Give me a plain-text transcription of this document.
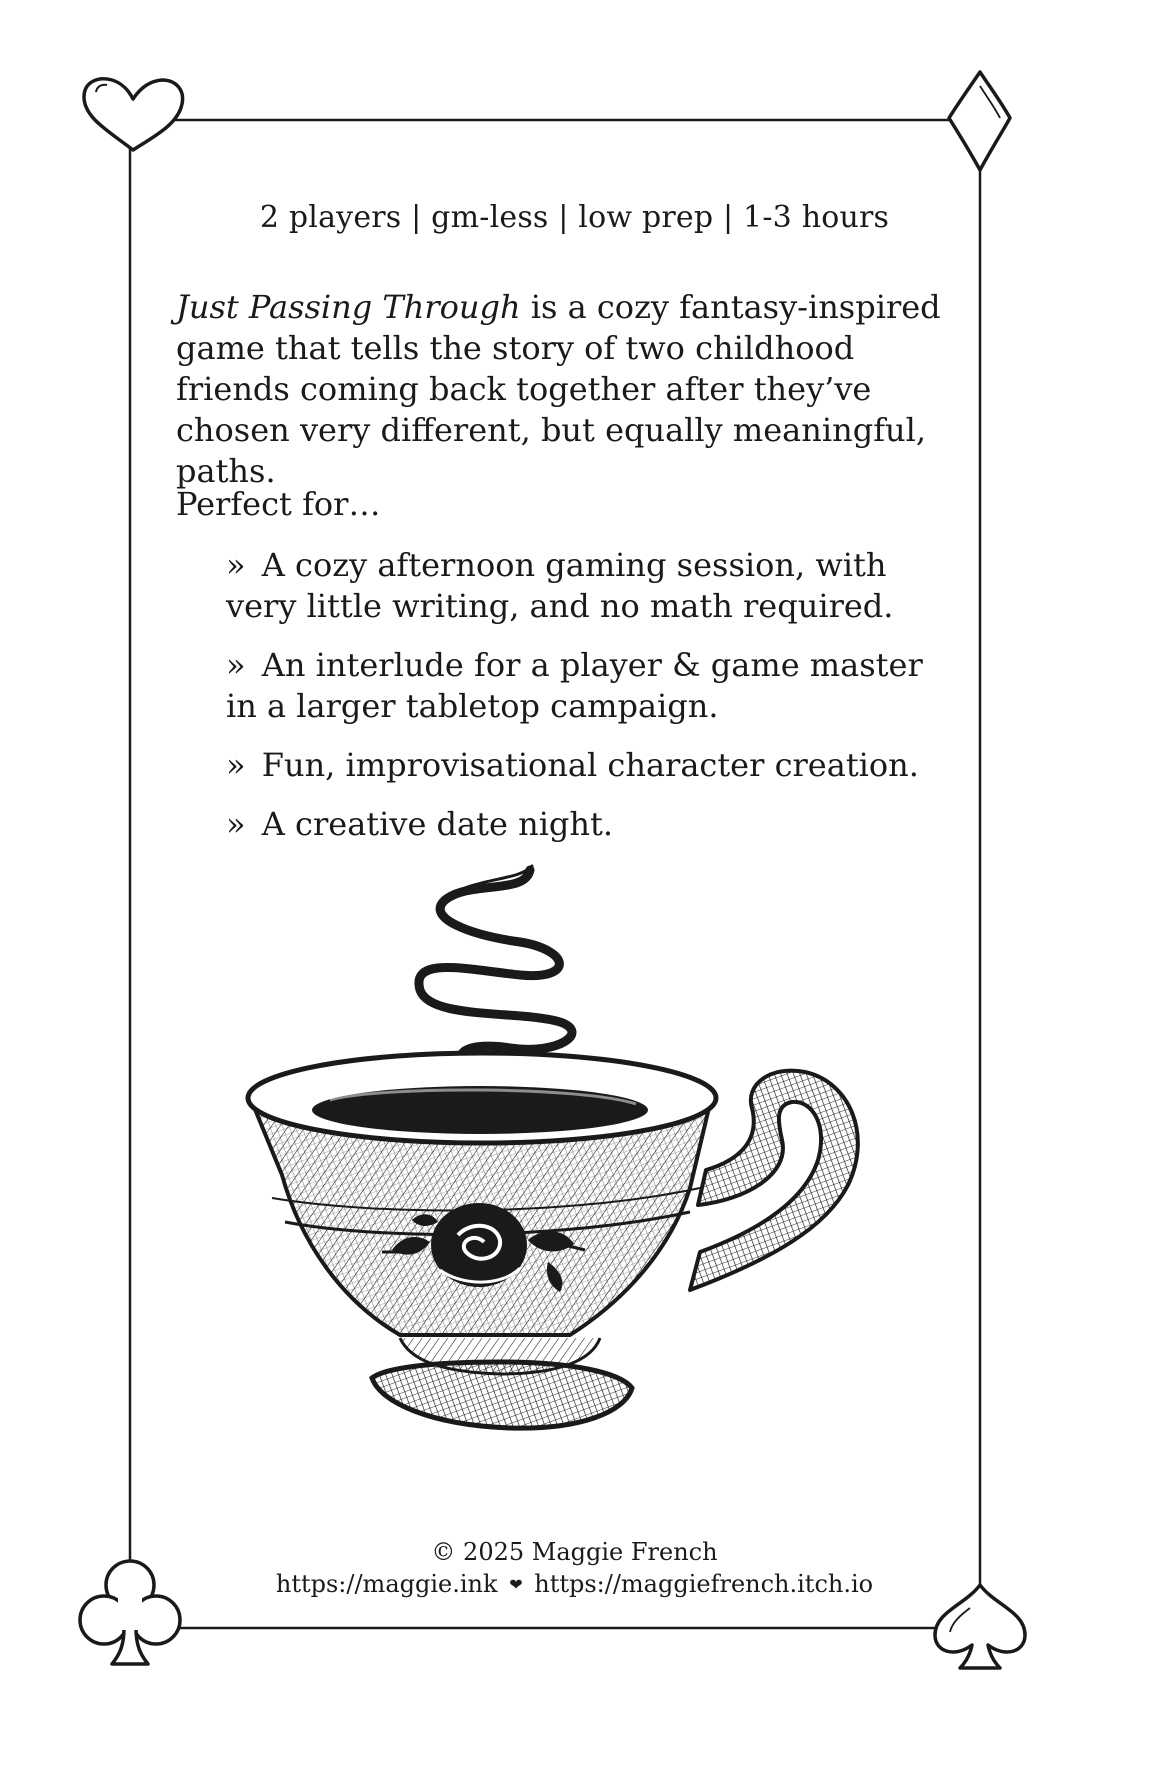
2 players | gm-less | low prep | 1-3 hours
Just Passing Through is a cozy fantasy-inspired game that tells the story of two childhood friends coming back together after they’ve chosen very different, but equally meaningful, paths.
Perfect for…
» A cozy afternoon gaming session, with very little writing, and no math required.
» An interlude for a player & game master in a larger tabletop campaign.
» Fun, improvisational character creation.
» A creative date night.
© 2025 Maggie French
https://maggie.ink ❤ https://maggiefrench.itch.io
